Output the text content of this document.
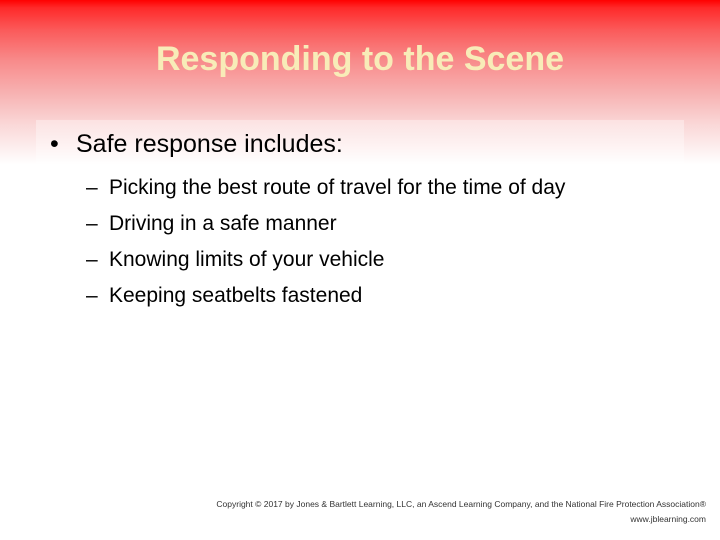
Responding to the Scene
• Safe response includes:
– Picking the best route of travel for the time of day
– Driving in a safe manner
– Knowing limits of your vehicle
– Keeping seatbelts fastened
Copyright © 2017 by Jones & Bartlett Learning, LLC, an Ascend Learning Company, and the National Fire Protection Association®
www.jblearning.com
